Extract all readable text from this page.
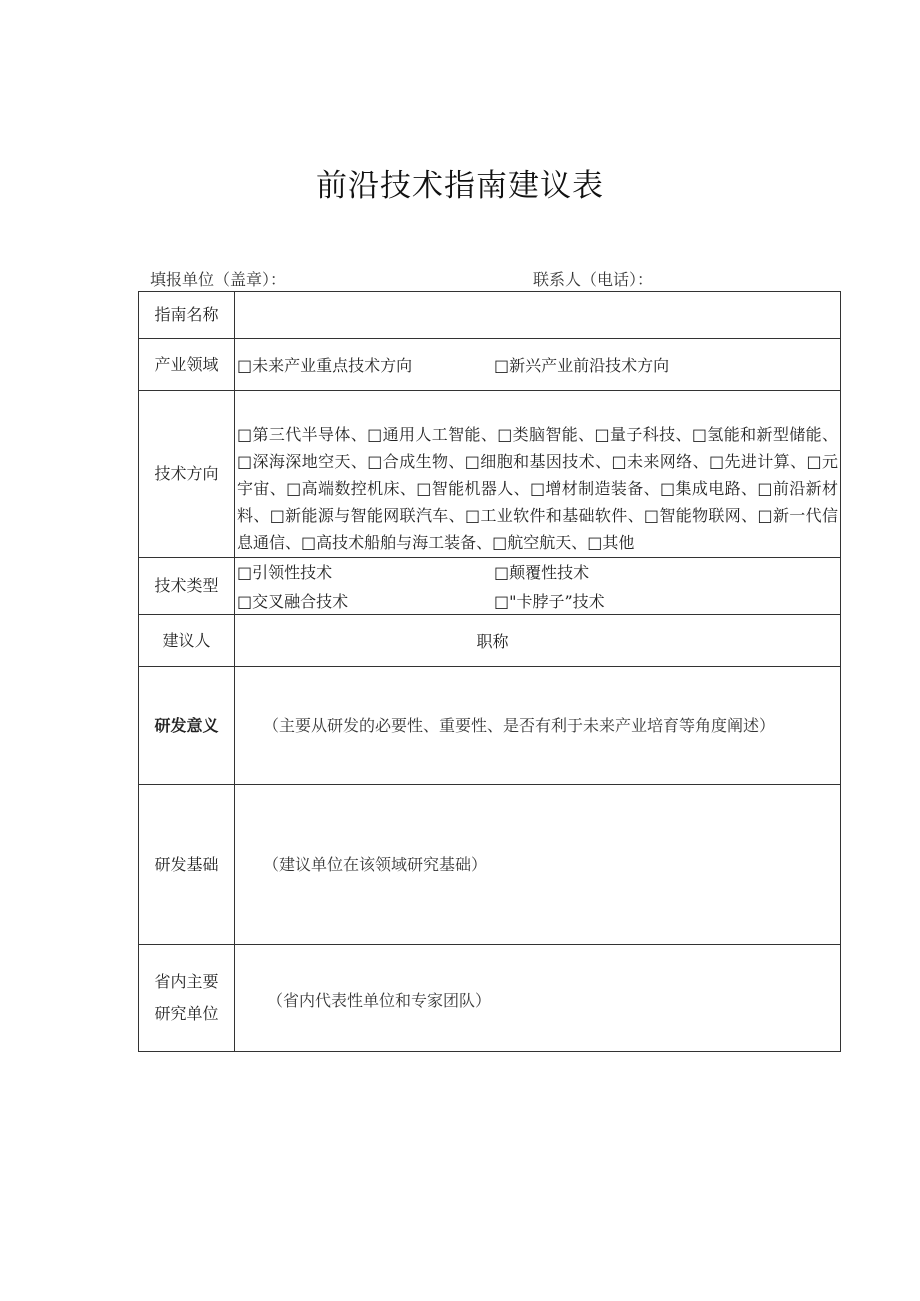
前沿技术指南建议表
填报单位（盖章）：	联系人（电话）：
指南名称	
产业领域	□未来产业重点技术方向 □新兴产业前沿技术方向

技术方向	□第三代半导体、□通用人工智能、□类脑智能、□量子科技、□氢能和新型储能、□深海深地空天、□合成生物、□细胞和基因技术、□未来网络、□先进计算、□元宇宙、□高端数控机床、□智能机器人、□增材制造装备、□集成电路、□前沿新材料、□新能源与智能网联汽车、□工业软件和基础软件、□智能物联网、□新一代信息通信、□高技术船舶与海工装备、□航空航天、□其他

技术类型	□引领性技术 □颠覆性技术
□交叉融合技术 □"卡脖子”技术

建议人	职称
研发意义	（主要从研发的必要性、重要性、是否有利于未来产业培育等角度阐述）

研发基础	（建议单位在该领域研究基础）

省内主要
研究单位	（省内代表性单位和专家团队）
